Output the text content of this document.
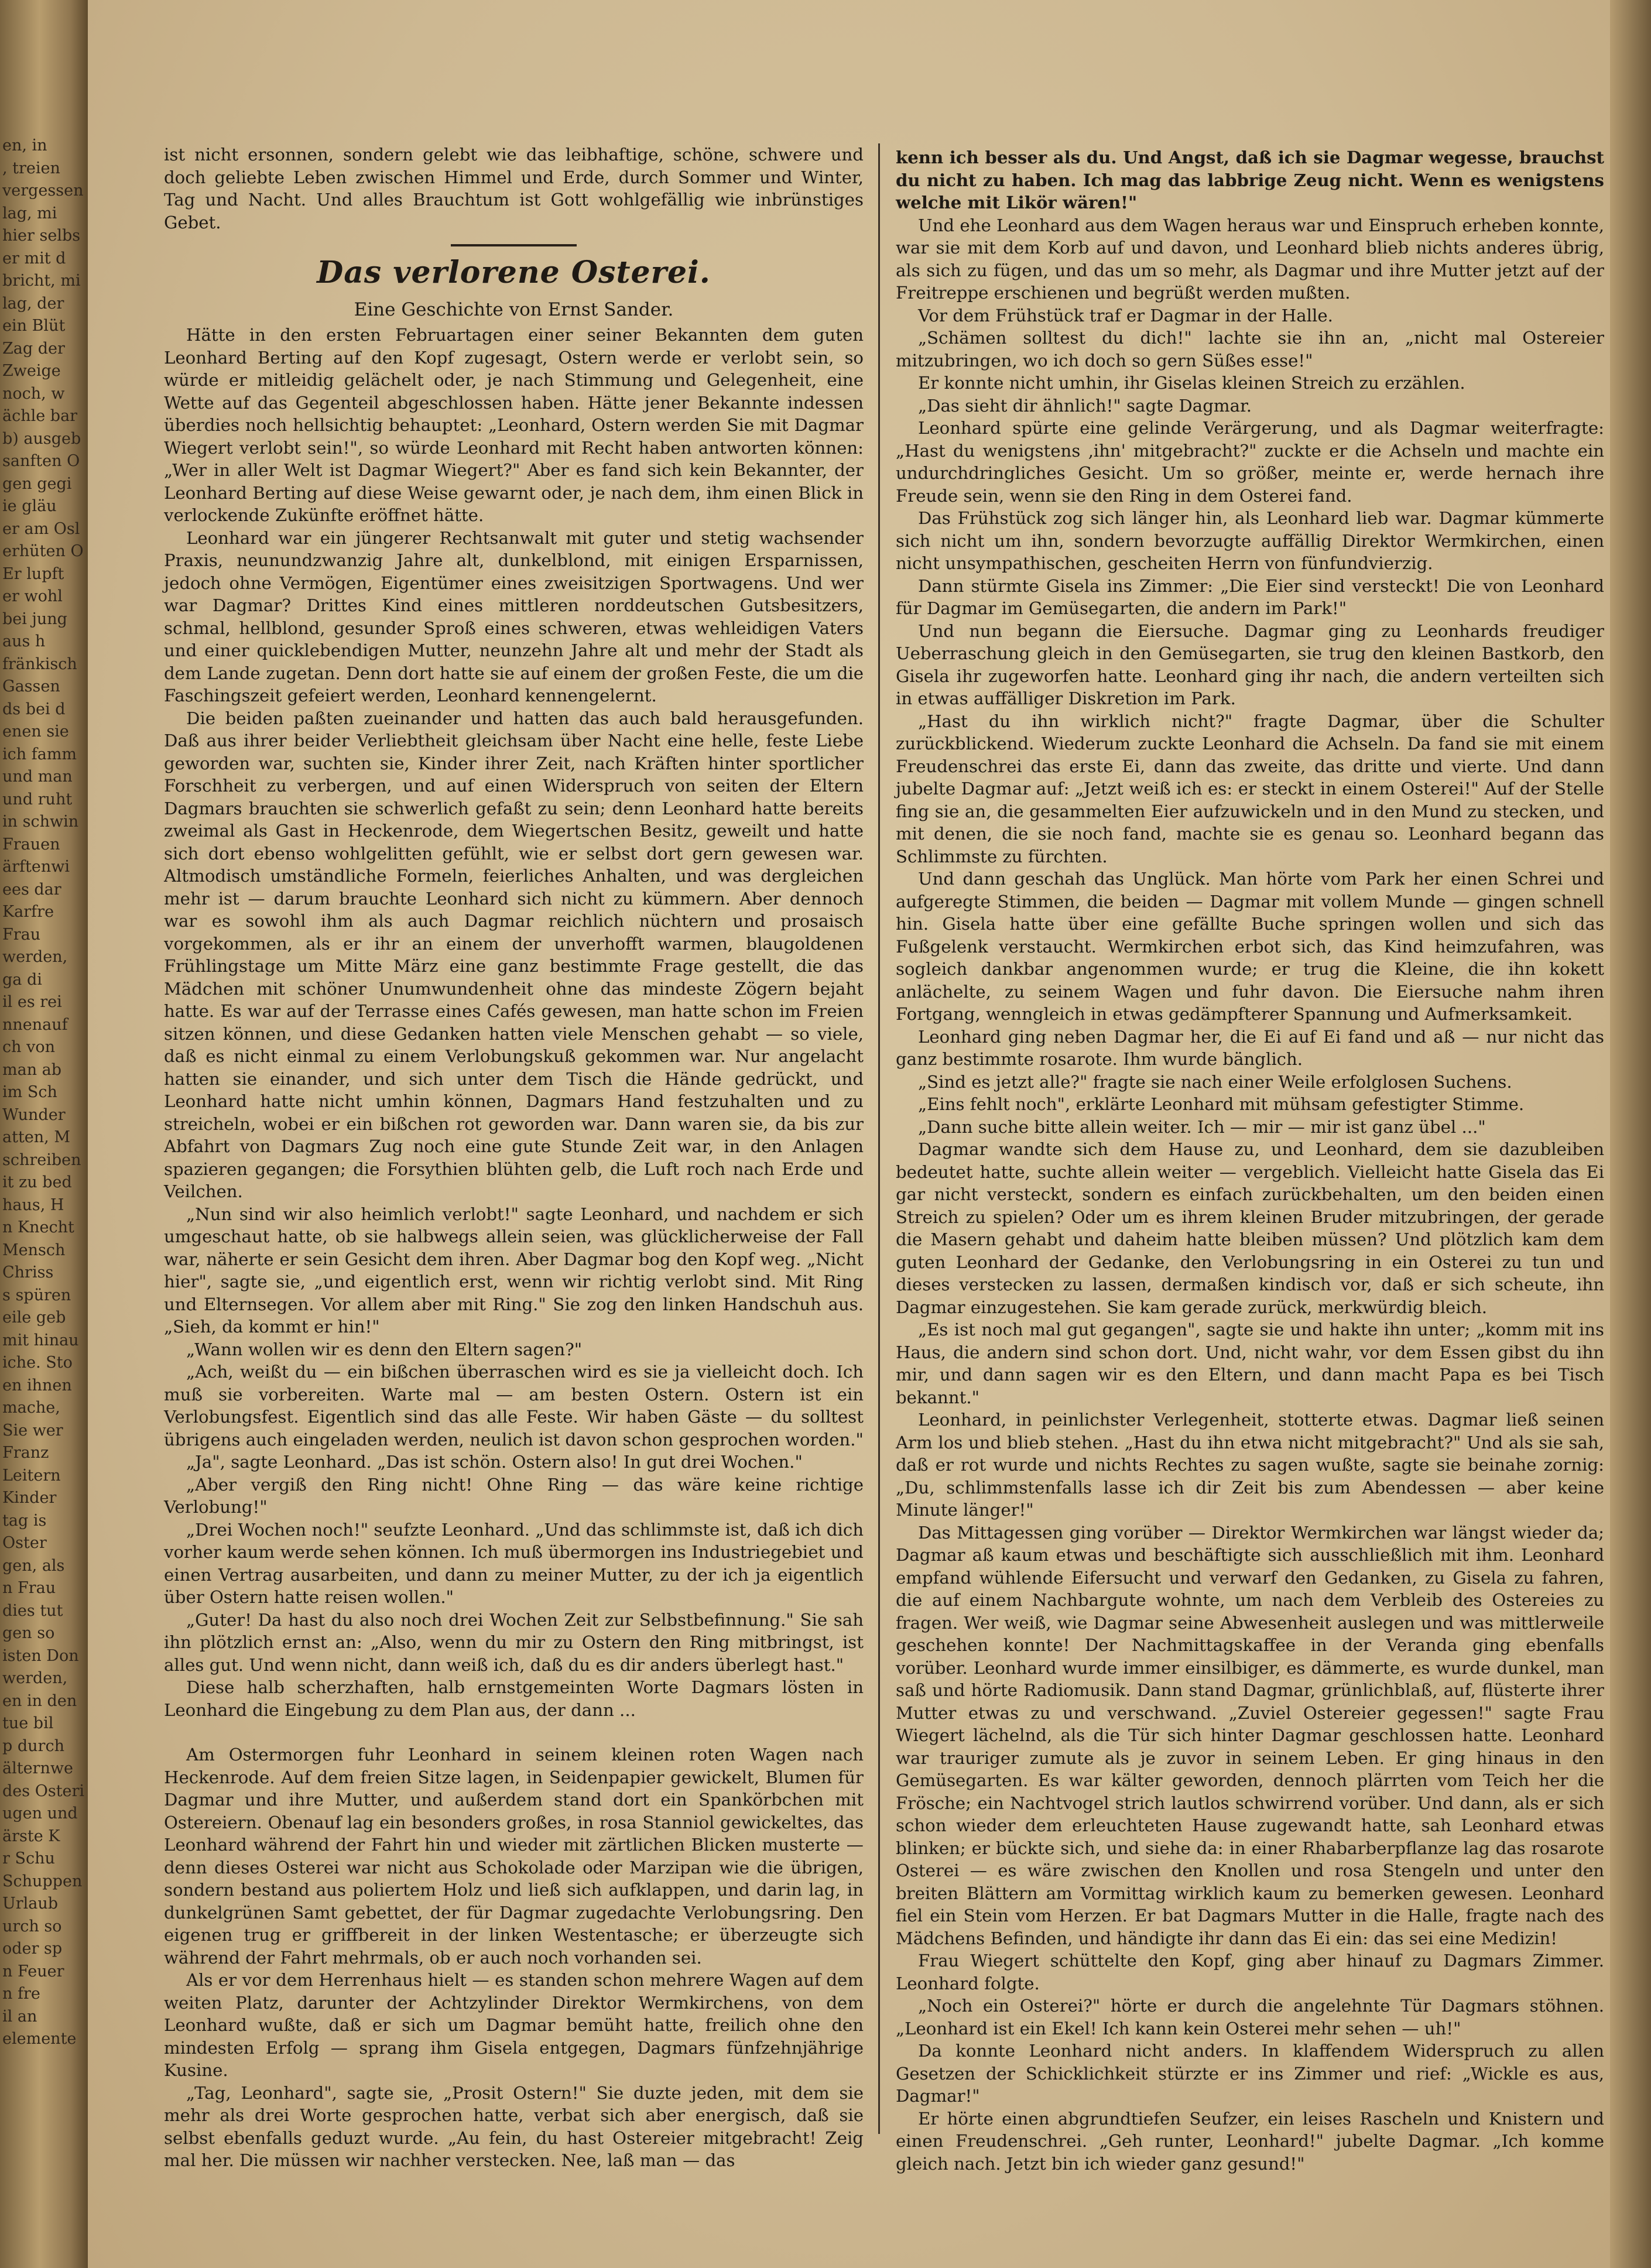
en, in
, treien
vergessen
lag, mi
hier selbs
er mit d
bricht, mi
lag, der
ein Blüt
Zag der
Zweige
noch, w
ächle bar
b) ausgeb
sanften O
gen gegi
ie gläu
er am Osl
erhüten O
Er lupft
er wohl
bei jung
aus h
fränkisch
Gassen
ds bei d
enen sie
ich famm
und man
und ruht
in schwin
Frauen
ärftenwi
ees dar
Karfre
Frau
werden,
ga di
il es rei
nnenauf
ch von
man ab
im Sch
Wunder
atten, M
schreiben
it zu bed
haus, H
n Knecht
Mensch
Chriss
s spüren
eile geb
mit hinau
iche. Sto
en ihnen
mache,
Sie wer
Franz
Leitern
Kinder
tag is
Oster
gen, als
n Frau
dies tut
gen so
isten Don
werden,
en in den
tue bil
p durch
älternwe
des Osteri
ugen und
ärste K
r Schu
Schuppen
Urlaub
urch so
oder sp
n Feuer
n fre
il an
elemente

ist nicht ersonnen, sondern gelebt wie das leibhaftige, schöne, schwere und doch geliebte Leben zwischen Himmel und Erde, durch Sommer und Winter, Tag und Nacht. Und alles Brauchtum ist Gott wohlgefällig wie inbrünstiges Gebet.

Das verlorene Osterei.
Eine Geschichte von Ernst Sander.

Hätte in den ersten Februartagen einer seiner Bekannten dem guten Leonhard Berting auf den Kopf zugesagt, Ostern werde er verlobt sein, so würde er mitleidig gelächelt oder, je nach Stimmung und Gelegenheit, eine Wette auf das Gegenteil abgeschlossen haben. Hätte jener Bekannte indessen überdies noch hellsichtig behauptet: „Leonhard, Ostern werden Sie mit Dagmar Wiegert verlobt sein!", so würde Leonhard mit Recht haben antworten können: „Wer in aller Welt ist Dagmar Wiegert?" Aber es fand sich kein Bekannter, der Leonhard Berting auf diese Weise gewarnt oder, je nach dem, ihm einen Blick in verlockende Zukünfte eröffnet hätte.

Leonhard war ein jüngerer Rechtsanwalt mit guter und stetig wachsender Praxis, neunundzwanzig Jahre alt, dunkelblond, mit einigen Ersparnissen, jedoch ohne Vermögen, Eigentümer eines zweisitzigen Sportwagens. Und wer war Dagmar? Drittes Kind eines mittleren norddeutschen Gutsbesitzers, schmal, hellblond, gesunder Sproß eines schweren, etwas wehleidigen Vaters und einer quicklebendigen Mutter, neunzehn Jahre alt und mehr der Stadt als dem Lande zugetan. Denn dort hatte sie auf einem der großen Feste, die um die Faschingszeit gefeiert werden, Leonhard kennengelernt.

Die beiden paßten zueinander und hatten das auch bald herausgefunden. Daß aus ihrer beider Verliebtheit gleichsam über Nacht eine helle, feste Liebe geworden war, suchten sie, Kinder ihrer Zeit, nach Kräften hinter sportlicher Forschheit zu verbergen, und auf einen Widerspruch von seiten der Eltern Dagmars brauchten sie schwerlich gefaßt zu sein; denn Leonhard hatte bereits zweimal als Gast in Heckenrode, dem Wiegertschen Besitz, geweilt und hatte sich dort ebenso wohlgelitten gefühlt, wie er selbst dort gern gewesen war. Altmodisch umständliche Formeln, feierliches Anhalten, und was dergleichen mehr ist — darum brauchte Leonhard sich nicht zu kümmern. Aber dennoch war es sowohl ihm als auch Dagmar reichlich nüchtern und prosaisch vorgekommen, als er ihr an einem der unverhofft warmen, blaugoldenen Frühlingstage um Mitte März eine ganz bestimmte Frage gestellt, die das Mädchen mit schöner Unumwundenheit ohne das mindeste Zögern bejaht hatte. Es war auf der Terrasse eines Cafés gewesen, man hatte schon im Freien sitzen können, und diese Gedanken hatten viele Menschen gehabt — so viele, daß es nicht einmal zu einem Verlobungskuß gekommen war. Nur angelacht hatten sie einander, und sich unter dem Tisch die Hände gedrückt, und Leonhard hatte nicht umhin können, Dagmars Hand festzuhalten und zu streicheln, wobei er ein bißchen rot geworden war. Dann waren sie, da bis zur Abfahrt von Dagmars Zug noch eine gute Stunde Zeit war, in den Anlagen spazieren gegangen; die Forsythien blühten gelb, die Luft roch nach Erde und Veilchen.

„Nun sind wir also heimlich verlobt!" sagte Leonhard, und nachdem er sich umgeschaut hatte, ob sie halbwegs allein seien, was glücklicherweise der Fall war, näherte er sein Gesicht dem ihren. Aber Dagmar bog den Kopf weg. „Nicht hier", sagte sie, „und eigentlich erst, wenn wir richtig verlobt sind. Mit Ring und Elternsegen. Vor allem aber mit Ring." Sie zog den linken Handschuh aus. „Sieh, da kommt er hin!"

„Wann wollen wir es denn den Eltern sagen?"

„Ach, weißt du — ein bißchen überraschen wird es sie ja vielleicht doch. Ich muß sie vorbereiten. Warte mal — am besten Ostern. Ostern ist ein Verlobungsfest. Eigentlich sind das alle Feste. Wir haben Gäste — du solltest übrigens auch eingeladen werden, neulich ist davon schon gesprochen worden."

„Ja", sagte Leonhard. „Das ist schön. Ostern also! In gut drei Wochen."

„Aber vergiß den Ring nicht! Ohne Ring — das wäre keine richtige Verlobung!"

„Drei Wochen noch!" seufzte Leonhard. „Und das schlimmste ist, daß ich dich vorher kaum werde sehen können. Ich muß übermorgen ins Industriegebiet und einen Vertrag ausarbeiten, und dann zu meiner Mutter, zu der ich ja eigentlich über Ostern hatte reisen wollen."

„Guter! Da hast du also noch drei Wochen Zeit zur Selbstbefinnung." Sie sah ihn plötzlich ernst an: „Also, wenn du mir zu Ostern den Ring mitbringst, ist alles gut. Und wenn nicht, dann weiß ich, daß du es dir anders überlegt hast."

Diese halb scherzhaften, halb ernstgemeinten Worte Dagmars lösten in Leonhard die Eingebung zu dem Plan aus, der dann ...

Am Ostermorgen fuhr Leonhard in seinem kleinen roten Wagen nach Heckenrode. Auf dem freien Sitze lagen, in Seidenpapier gewickelt, Blumen für Dagmar und ihre Mutter, und außerdem stand dort ein Spankörbchen mit Ostereiern. Obenauf lag ein besonders großes, in rosa Stanniol gewickeltes, das Leonhard während der Fahrt hin und wieder mit zärtlichen Blicken musterte — denn dieses Osterei war nicht aus Schokolade oder Marzipan wie die übrigen, sondern bestand aus poliertem Holz und ließ sich aufklappen, und darin lag, in dunkelgrünen Samt gebettet, der für Dagmar zugedachte Verlobungsring. Den eigenen trug er griffbereit in der linken Westentasche; er überzeugte sich während der Fahrt mehrmals, ob er auch noch vorhanden sei.

Als er vor dem Herrenhaus hielt — es standen schon mehrere Wagen auf dem weiten Platz, darunter der Achtzylinder Direktor Wermkirchens, von dem Leonhard wußte, daß er sich um Dagmar bemüht hatte, freilich ohne den mindesten Erfolg — sprang ihm Gisela entgegen, Dagmars fünfzehnjährige Kusine.

„Tag, Leonhard", sagte sie, „Prosit Ostern!" Sie duzte jeden, mit dem sie mehr als drei Worte gesprochen hatte, verbat sich aber energisch, daß sie selbst ebenfalls geduzt wurde. „Au fein, du hast Ostereier mitgebracht! Zeig mal her. Die müssen wir nachher verstecken. Nee, laß man — das

kenn ich besser als du. Und Angst, daß ich sie Dagmar wegesse, brauchst du nicht zu haben. Ich mag das labbrige Zeug nicht. Wenn es wenigstens welche mit Likör wären!"

Und ehe Leonhard aus dem Wagen heraus war und Einspruch erheben konnte, war sie mit dem Korb auf und davon, und Leonhard blieb nichts anderes übrig, als sich zu fügen, und das um so mehr, als Dagmar und ihre Mutter jetzt auf der Freitreppe erschienen und begrüßt werden mußten.

Vor dem Frühstück traf er Dagmar in der Halle.

„Schämen solltest du dich!" lachte sie ihn an, „nicht mal Ostereier mitzubringen, wo ich doch so gern Süßes esse!"

Er konnte nicht umhin, ihr Giselas kleinen Streich zu erzählen.

„Das sieht dir ähnlich!" sagte Dagmar.

Leonhard spürte eine gelinde Verärgerung, und als Dagmar weiterfragte: „Hast du wenigstens ‚ihn' mitgebracht?" zuckte er die Achseln und machte ein undurchdringliches Gesicht. Um so größer, meinte er, werde hernach ihre Freude sein, wenn sie den Ring in dem Osterei fand.

Das Frühstück zog sich länger hin, als Leonhard lieb war. Dagmar kümmerte sich nicht um ihn, sondern bevorzugte auffällig Direktor Wermkirchen, einen nicht unsympathischen, gescheiten Herrn von fünfundvierzig.

Dann stürmte Gisela ins Zimmer: „Die Eier sind versteckt! Die von Leonhard für Dagmar im Gemüsegarten, die andern im Park!"

Und nun begann die Eiersuche. Dagmar ging zu Leonhards freudiger Ueberraschung gleich in den Gemüsegarten, sie trug den kleinen Bastkorb, den Gisela ihr zugeworfen hatte. Leonhard ging ihr nach, die andern verteilten sich in etwas auffälliger Diskretion im Park.

„Hast du ihn wirklich nicht?" fragte Dagmar, über die Schulter zurückblickend. Wiederum zuckte Leonhard die Achseln. Da fand sie mit einem Freudenschrei das erste Ei, dann das zweite, das dritte und vierte. Und dann jubelte Dagmar auf: „Jetzt weiß ich es: er steckt in einem Osterei!" Auf der Stelle fing sie an, die gesammelten Eier aufzuwickeln und in den Mund zu stecken, und mit denen, die sie noch fand, machte sie es genau so. Leonhard begann das Schlimmste zu fürchten.

Und dann geschah das Unglück. Man hörte vom Park her einen Schrei und aufgeregte Stimmen, die beiden — Dagmar mit vollem Munde — gingen schnell hin. Gisela hatte über eine gefällte Buche springen wollen und sich das Fußgelenk verstaucht. Wermkirchen erbot sich, das Kind heimzufahren, was sogleich dankbar angenommen wurde; er trug die Kleine, die ihn kokett anlächelte, zu seinem Wagen und fuhr davon. Die Eiersuche nahm ihren Fortgang, wenngleich in etwas gedämpfterer Spannung und Aufmerksamkeit.

Leonhard ging neben Dagmar her, die Ei auf Ei fand und aß — nur nicht das ganz bestimmte rosarote. Ihm wurde bänglich.

„Sind es jetzt alle?" fragte sie nach einer Weile erfolglosen Suchens.

„Eins fehlt noch", erklärte Leonhard mit mühsam gefestigter Stimme.

„Dann suche bitte allein weiter. Ich — mir — mir ist ganz übel ..."

Dagmar wandte sich dem Hause zu, und Leonhard, dem sie dazubleiben bedeutet hatte, suchte allein weiter — vergeblich. Vielleicht hatte Gisela das Ei gar nicht versteckt, sondern es einfach zurückbehalten, um den beiden einen Streich zu spielen? Oder um es ihrem kleinen Bruder mitzubringen, der gerade die Masern gehabt und daheim hatte bleiben müssen? Und plötzlich kam dem guten Leonhard der Gedanke, den Verlobungsring in ein Osterei zu tun und dieses verstecken zu lassen, dermaßen kindisch vor, daß er sich scheute, ihn Dagmar einzugestehen. Sie kam gerade zurück, merkwürdig bleich.

„Es ist noch mal gut gegangen", sagte sie und hakte ihn unter; „komm mit ins Haus, die andern sind schon dort. Und, nicht wahr, vor dem Essen gibst du ihn mir, und dann sagen wir es den Eltern, und dann macht Papa es bei Tisch bekannt."

Leonhard, in peinlichster Verlegenheit, stotterte etwas. Dagmar ließ seinen Arm los und blieb stehen. „Hast du ihn etwa nicht mitgebracht?" Und als sie sah, daß er rot wurde und nichts Rechtes zu sagen wußte, sagte sie beinahe zornig: „Du, schlimmstenfalls lasse ich dir Zeit bis zum Abendessen — aber keine Minute länger!"

Das Mittagessen ging vorüber — Direktor Wermkirchen war längst wieder da; Dagmar aß kaum etwas und beschäftigte sich ausschließlich mit ihm. Leonhard empfand wühlende Eifersucht und verwarf den Gedanken, zu Gisela zu fahren, die auf einem Nachbargute wohnte, um nach dem Verbleib des Ostereies zu fragen. Wer weiß, wie Dagmar seine Abwesenheit auslegen und was mittlerweile geschehen konnte! Der Nachmittagskaffee in der Veranda ging ebenfalls vorüber. Leonhard wurde immer einsilbiger, es dämmerte, es wurde dunkel, man saß und hörte Radiomusik. Dann stand Dagmar, grünlichblaß, auf, flüsterte ihrer Mutter etwas zu und verschwand. „Zuviel Ostereier gegessen!" sagte Frau Wiegert lächelnd, als die Tür sich hinter Dagmar geschlossen hatte. Leonhard war trauriger zumute als je zuvor in seinem Leben. Er ging hinaus in den Gemüsegarten. Es war kälter geworden, dennoch plärrten vom Teich her die Frösche; ein Nachtvogel strich lautlos schwirrend vorüber. Und dann, als er sich schon wieder dem erleuchteten Hause zugewandt hatte, sah Leonhard etwas blinken; er bückte sich, und siehe da: in einer Rhabarberpflanze lag das rosarote Osterei — es wäre zwischen den Knollen und rosa Stengeln und unter den breiten Blättern am Vormittag wirklich kaum zu bemerken gewesen. Leonhard fiel ein Stein vom Herzen. Er bat Dagmars Mutter in die Halle, fragte nach des Mädchens Befinden, und händigte ihr dann das Ei ein: das sei eine Medizin!

Frau Wiegert schüttelte den Kopf, ging aber hinauf zu Dagmars Zimmer. Leonhard folgte.

„Noch ein Osterei?" hörte er durch die angelehnte Tür Dagmars stöhnen. „Leonhard ist ein Ekel! Ich kann kein Osterei mehr sehen — uh!"

Da konnte Leonhard nicht anders. In klaffendem Widerspruch zu allen Gesetzen der Schicklichkeit stürzte er ins Zimmer und rief: „Wickle es aus, Dagmar!"

Er hörte einen abgrundtiefen Seufzer, ein leises Rascheln und Knistern und einen Freudenschrei. „Geh runter, Leonhard!" jubelte Dagmar. „Ich komme gleich nach. Jetzt bin ich wieder ganz gesund!"
